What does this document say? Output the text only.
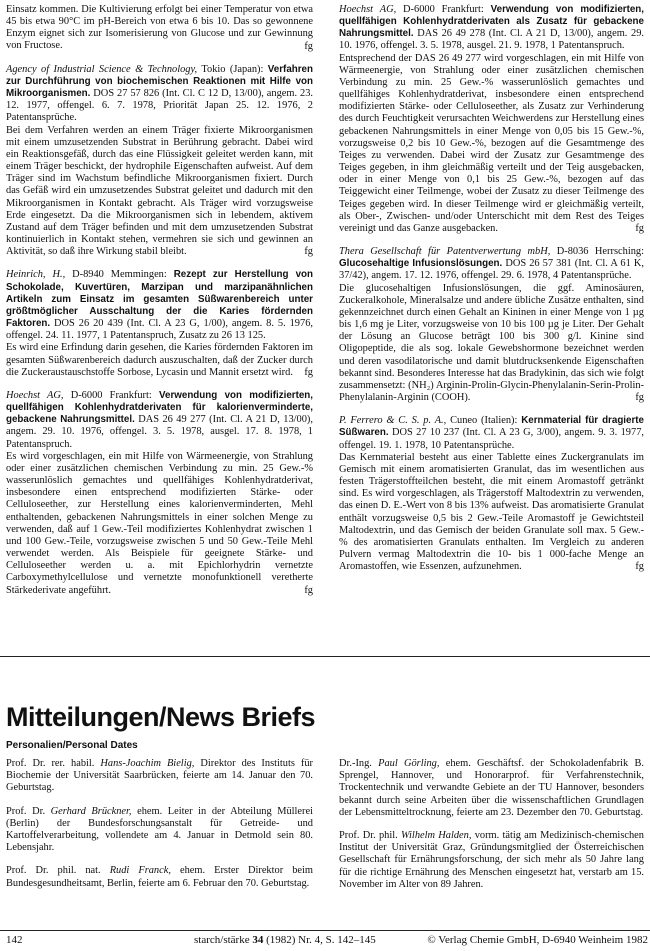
Einsatz kommen. Die Kultivierung erfolgt bei einer Temperatur von etwa 45 bis etwa 90°C im pH-Bereich von etwa 6 bis 10. Das so gewonnene Enzym eignet sich zur Isomerisierung von Glucose und zur Gewinnung von Fructose.	fg

Agency of Industrial Science & Technology, Tokio (Japan): Verfahren zur Durchführung von biochemischen Reaktionen mit Hilfe von Mikroorganismen. DOS 27 57 826 (Int. Cl. C 12 D, 13/00), angem. 23. 12. 1977, offengel. 6. 7. 1978, Priorität Japan 25. 12. 1976, 2 Patentansprüche.

Bei dem Verfahren werden an einem Träger fixierte Mikroorganismen mit einem umzusetzenden Substrat in Berührung gebracht. Dabei wird ein Reaktionsgefäß, durch das eine Flüssigkeit geleitet werden kann, mit einem Träger beschickt, der hydrophile Eigenschaften aufweist. Auf dem Träger sind im Wachstum befindliche Mikroorganismen fixiert. Durch das Gefäß wird ein umzusetzendes Substrat geleitet und dadurch mit den Mikroorganismen in Kontakt gebracht. Als Träger wird vorzugsweise Erde eingesetzt. Da die Mikroorganismen sich in lebendem, aktivem Zustand auf dem Träger befinden und mit dem umzusetzenden Substrat kontinuierlich in Kontakt stehen, vermehren sie sich und gewinnen an Aktivität, so daß ihre Wirkung stabil bleibt.	fg

Heinrich, H., D-8940 Memmingen: Rezept zur Herstellung von Schokolade, Kuvertüren, Marzipan und marzipanähnlichen Artikeln zum Einsatz im gesamten Süßwarenbereich unter größtmöglicher Ausschaltung der die Karies fördernden Faktoren. DOS 26 20 439 (Int. Cl. A 23 G, 1/00), angem. 8. 5. 1976, offengel. 24. 11. 1977, 1 Patentanspruch, Zusatz zu 26 13 125.

Es wird eine Erfindung darin gesehen, die Karies fördernden Faktoren im gesamten Süßwarenbereich dadurch auszuschalten, daß der Zucker durch die Zuckeraustauschstoffe Sorbose, Lycasin und Mannit ersetzt wird.	fg

Hoechst AG, D-6000 Frankfurt: Verwendung von modifizierten, quellfähigen Kohlenhydratderivaten für kalorienverminderte, gebackene Nahrungsmittel. DAS 26 49 277 (Int. Cl. A 21 D, 13/00), angem. 29. 10. 1976, offengel. 3. 5. 1978, ausgel. 17. 8. 1978, 1 Patentanspruch.

Es wird vorgeschlagen, ein mit Hilfe von Wärmeenergie, von Strahlung oder einer zusätzlichen chemischen Verbindung zu min. 25 Gew.-% wasserunlöslich gemachtes und quellfähiges Kohlenhydratderivat, insbesondere einen entsprechend modifizierten Stärke- oder Celluloseether, zur Herstellung eines kalorienverminderten, Mehl enthaltenden, gebackenen Nahrungsmittels in einer solchen Menge zu verwenden, daß auf 1 Gew.-Teil modifiziertes Kohlenhydrat zwischen 1 und 100 Gew.-Teile, vorzugsweise zwischen 5 und 50 Gew.-Teile Mehl verwendet werden. Als Beispiele für geeignete Stärke- und Celluloseether werden u. a. mit Epichlorhydrin vernetzte Carboxymethylcellulose und vernetzte monofunktionell veretherte Stärkederivate angeführt.	fg

Hoechst AG, D-6000 Frankfurt: Verwendung von modifizierten, quellfähigen Kohlenhydratderivaten als Zusatz für gebackene Nahrungsmittel. DAS 26 49 278 (Int. Cl. A 21 D, 13/00), angem. 29. 10. 1976, offengel. 3. 5. 1978, ausgel. 21. 9. 1978, 1 Patentanspruch.

Entsprechend der DAS 26 49 277 wird vorgeschlagen, ein mit Hilfe von Wärmeenergie, von Strahlung oder einer zusätzlichen chemischen Verbindung zu min. 25 Gew.-% wasserunlöslich gemachtes und quellfähiges Kohlenhydratderivat, insbesondere einen entsprechend modifizierten Stärke- oder Celluloseether, als Zusatz zur Verhinderung des durch Feuchtigkeit verursachten Weichwerdens zur Herstellung eines gebackenen Nahrungsmittels in einer Menge von 0,05 bis 15 Gew.-%, vorzugsweise 0,2 bis 10 Gew.-%, bezogen auf die Gesamtmenge des Teiges zu verwenden. Dabei wird der Zusatz zur Gesamtmenge des Teiges gegeben, in ihm gleichmäßig verteilt und der Teig ausgebacken, oder in einer Menge von 0,1 bis 25 Gew.-%, bezogen auf das Teiggewicht einer Teilmenge, wobei der Zusatz zu dieser Teilmenge des Teiges gegeben wird. In dieser Teilmenge wird er gleichmäßig verteilt, als Ober-, Zwischen- und/oder Unterschicht mit dem Rest des Teiges vereinigt und das Ganze ausgebacken.	fg

Thera Gesellschaft für Patentverwertung mbH, D-8036 Herrsching: Glucosehaltige Infusionslösungen. DOS 26 57 381 (Int. Cl. A 61 K, 37/42), angem. 17. 12. 1976, offengel. 29. 6. 1978, 4 Patentansprüche.

Die glucosehaltigen Infusionslösungen, die ggf. Aminosäuren, Zuckeralkohole, Mineralsalze und andere übliche Zusätze enthalten, sind gekennzeichnet durch einen Gehalt an Kininen in einer Menge von 1 µg bis 1,6 mg je Liter, vorzugsweise von 10 bis 100 µg je Liter. Der Gehalt der Lösung an Glucose beträgt 100 bis 300 g/l. Kinine sind Oligopeptide, die als sog. lokale Gewebshormone bezeichnet werden und deren vasodilatorische und damit blutdrucksenkende Eigenschaften bekannt sind. Besonderes Interesse hat das Bradykinin, das sich wie folgt zusammensetzt: (NH₂) Arginin-Prolin-Glycin-Phenylalanin-Serin-Prolin-Phenylalanin-Arginin (COOH).	fg

P. Ferrero & C. S. p. A., Cuneo (Italien): Kernmaterial für dragierte Süßwaren. DOS 27 10 237 (Int. Cl. A 23 G, 3/00), angem. 9. 3. 1977, offengel. 19. 1. 1978, 10 Patentansprüche.

Das Kernmaterial besteht aus einer Tablette eines Zuckergranulats im Gemisch mit einem aromatisierten Granulat, das im wesentlichen aus festen Trägerstoffteilchen besteht, die mit einem Aromastoff getränkt sind. Es wird vorgeschlagen, als Trägerstoff Maltodextrin zu verwenden, das einen D. E.-Wert von 8 bis 13% aufweist. Das aromatisierte Granulat enthält vorzugsweise 0,5 bis 2 Gew.-Teile Aromastoff je Gewichtsteil Maltodextrin, und das Gemisch der beiden Granulate soll max. 5 Gew.-% des aromatisierten Granulats enthalten. Im Vergleich zu anderen Pulvern vermag Maltodextrin die 10- bis 1 000-fache Menge an Aromastoffen, wie Essenzen, aufzunehmen.	fg
Mitteilungen/News Briefs
Personalien/Personal Dates

Prof. Dr. rer. habil. Hans-Joachim Bielig, Direktor des Instituts für Biochemie der Universität Saarbrücken, feierte am 14. Januar den 70. Geburtstag.

Prof. Dr. Gerhard Brückner, ehem. Leiter in der Abteilung Müllerei (Berlin) der Bundesforschungsanstalt für Getreide- und Kartoffelverarbeitung, vollendete am 4. Januar in Detmold sein 80. Lebensjahr.

Prof. Dr. phil. nat. Rudi Franck, ehem. Erster Direktor beim Bundesgesundheitsamt, Berlin, feierte am 6. Februar den 70. Geburtstag.

Dr.-Ing. Paul Görling, ehem. Geschäftsf. der Schokoladenfabrik B. Sprengel, Hannover, und Honorarprof. für Verfahrenstechnik, Trockentechnik und verwandte Gebiete an der TU Hannover, besonders bekannt durch seine Arbeiten über die wissenschaftlichen Grundlagen der Lebensmitteltrocknung, feierte am 23. Dezember den 70. Geburtstag.

Prof. Dr. phil. Wilhelm Halden, vorm. tätig am Medizinisch-chemischen Institut der Universität Graz, Gründungsmitglied der Österreichischen Gesellschaft für Ernährungsforschung, der sich mehr als 50 Jahre lang für die richtige Ernährung des Menschen eingesetzt hat, verstarb am 15. November im Alter von 89 Jahren.

142	starch/stärke 34 (1982) Nr. 4, S. 142–145	© Verlag Chemie GmbH, D-6940 Weinheim 1982
